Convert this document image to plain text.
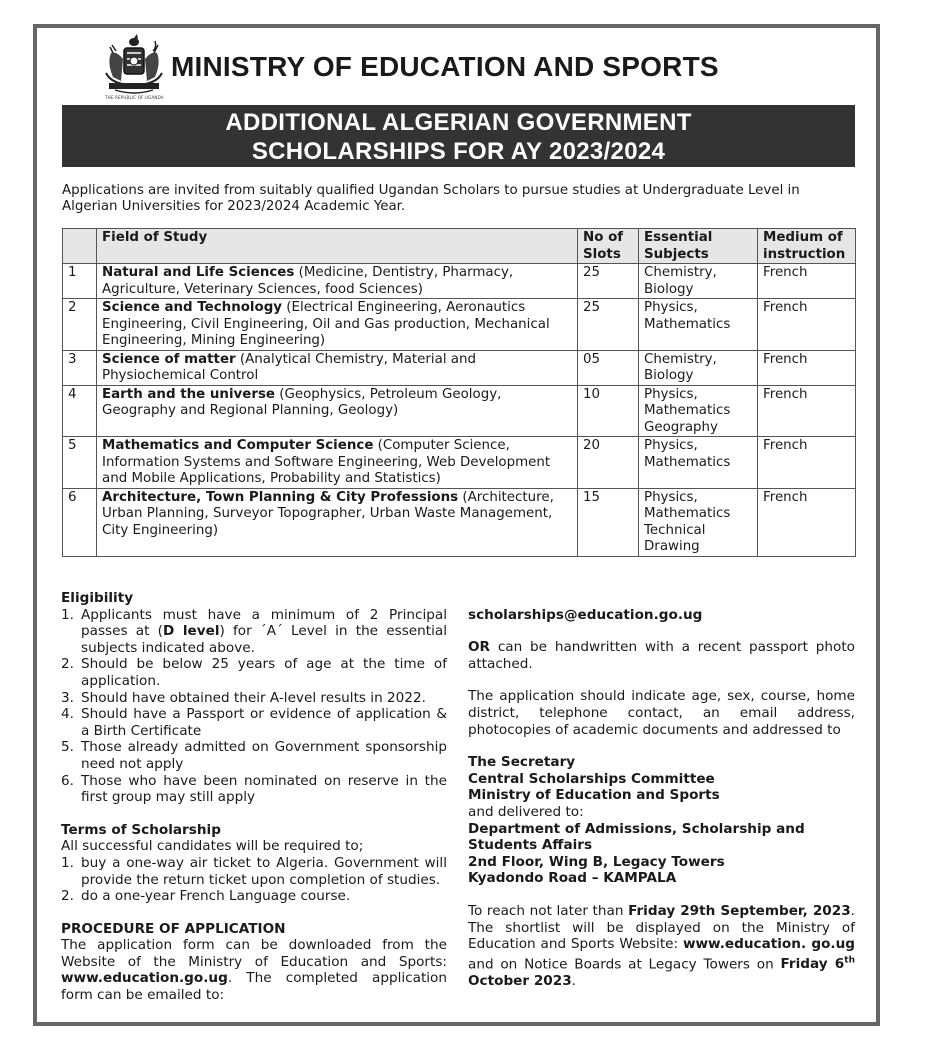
THE REPUBLIC OF UGANDA
MINISTRY OF EDUCATION AND SPORTS
ADDITIONAL ALGERIAN GOVERNMENT
SCHOLARSHIPS FOR AY 2023/2024
Applications are invited from suitably qualified Ugandan Scholars to pursue studies at Undergraduate Level in Algerian Universities for 2023/2024 Academic Year.
	Field of Study	No of Slots	Essential Subjects	Medium of instruction
1	Natural and Life Sciences (Medicine, Dentistry, Pharmacy, Agriculture, Veterinary Sciences, food Sciences)	25	Chemistry, Biology	French
2	Science and Technology (Electrical Engineering, Aeronautics Engineering, Civil Engineering, Oil and Gas production, Mechanical Engineering, Mining Engineering)	25	Physics, Mathematics	French
3	Science of matter (Analytical Chemistry, Material and Physiochemical Control	05	Chemistry, Biology	French
4	Earth and the universe (Geophysics, Petroleum Geology, Geography and Regional Planning, Geology)	10	Physics, Mathematics Geography	French
5	Mathematics and Computer Science (Computer Science, Information Systems and Software Engineering, Web Development and Mobile Applications, Probability and Statistics)	20	Physics, Mathematics	French
6	Architecture, Town Planning & City Professions (Architecture, Urban Planning, Surveyor Topographer, Urban Waste Management, City Engineering)	15	Physics, Mathematics Technical Drawing	French

Eligibility

1. Applicants must have a minimum of 2 Principal passes at (D level) for ´A´ Level in the essential subjects indicated above.
2. Should be below 25 years of age at the time of application.
3. Should have obtained their A-level results in 2022.
4. Should have a Passport or evidence of application & a Birth Certificate
5. Those already admitted on Government sponsorship need not apply
6. Those who have been nominated on reserve in the first group may still apply

Terms of Scholarship

All successful candidates will be required to;

1. buy a one-way air ticket to Algeria. Government will provide the return ticket upon completion of studies.
2. do a one-year French Language course.

PROCEDURE OF APPLICATION

The application form can be downloaded from the Website of the Ministry of Education and Sports: www.education.go.ug. The completed application form can be emailed to:

scholarships@education.go.ug

OR can be handwritten with a recent passport photo attached.

The application should indicate age, sex, course, home district, telephone contact, an email address, photocopies of academic documents and addressed to

The Secretary

Central Scholarships Committee

Ministry of Education and Sports

and delivered to:

Department of Admissions, Scholarship and Students Affairs

2nd Floor, Wing B, Legacy Towers

Kyadondo Road – KAMPALA

To reach not later than Friday 29th September, 2023. The shortlist will be displayed on the Ministry of Education and Sports Website: www.education. go.ug and on Notice Boards at Legacy Towers on Friday 6th October 2023.
